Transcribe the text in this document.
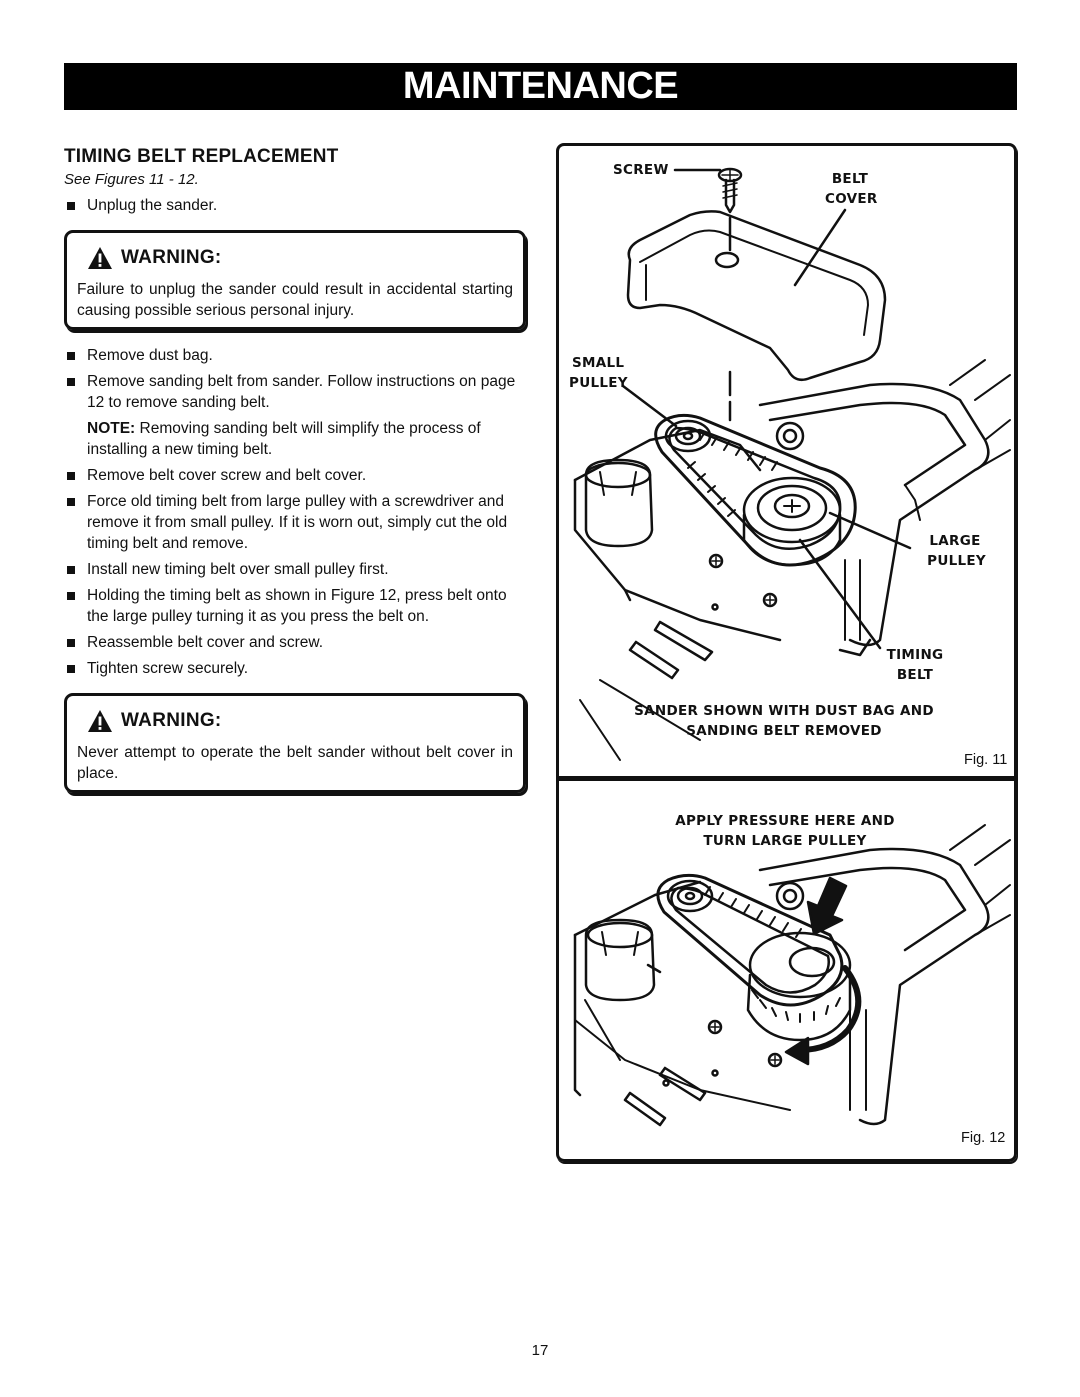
MAINTENANCE
TIMING BELT REPLACEMENT
See Figures 11 - 12.
Unplug the sander.
WARNING:
Failure to unplug the sander could result in accidental starting causing possible serious personal injury.
Remove dust bag.
Remove sanding belt from sander. Follow instructions on page 12 to remove sanding belt.
NOTE: Removing sanding belt will simplify the process of installing a new timing belt.
Remove belt cover screw and belt cover.
Force old timing belt from large pulley with a screwdriver and remove it from small pulley. If it is worn out, simply cut the old timing belt and remove.
Install new timing belt over small pulley first.
Holding the timing belt as shown in Figure 12, press belt onto the large pulley turning it as you press the belt on.
Reassemble belt cover and screw.
Tighten screw securely.
WARNING:
Never attempt to operate the belt sander without belt cover in place.
SCREW
BELT
COVER
SMALL
PULLEY
LARGE
PULLEY
TIMING
BELT
SANDER SHOWN WITH DUST BAG AND
SANDING BELT REMOVED
Fig. 11
APPLY PRESSURE HERE AND
TURN LARGE PULLEY
Fig. 12
17
